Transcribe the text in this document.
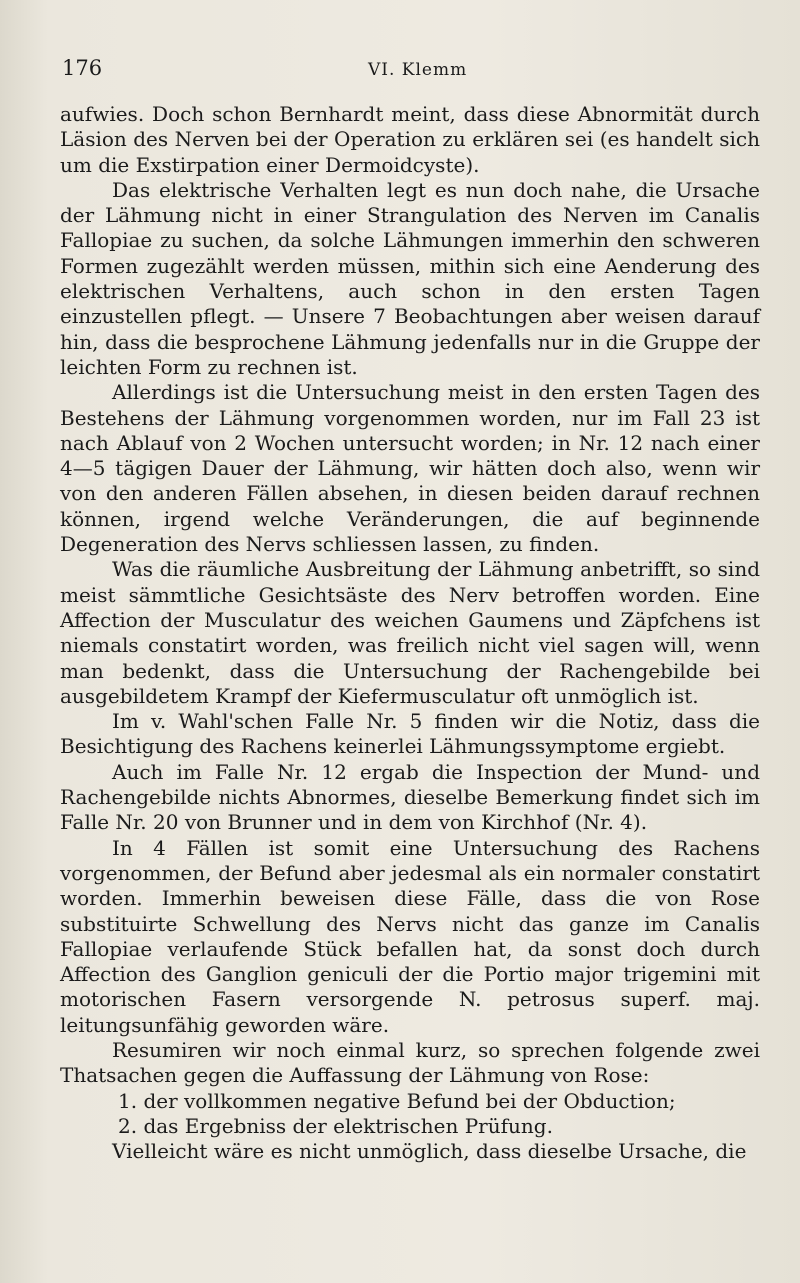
176	VI. Klemm

aufwies. Doch schon Bernhardt meint, dass diese Abnormität durch Läsion des Nerven bei der Operation zu erklären sei (es handelt sich um die Exstirpation einer Dermoidcyste).

Das elektrische Verhalten legt es nun doch nahe, die Ursache der Lähmung nicht in einer Strangulation des Nerven im Canalis Fallopiae zu suchen, da solche Lähmungen immerhin den schweren Formen zugezählt werden müssen, mithin sich eine Aenderung des elektrischen Verhaltens, auch schon in den ersten Tagen einzustellen pflegt. — Unsere 7 Beobachtungen aber weisen darauf hin, dass die besprochene Lähmung jedenfalls nur in die Gruppe der leichten Form zu rechnen ist.

Allerdings ist die Untersuchung meist in den ersten Tagen des Bestehens der Lähmung vorgenommen worden, nur im Fall 23 ist nach Ablauf von 2 Wochen untersucht worden; in Nr. 12 nach einer 4—5 tägigen Dauer der Lähmung, wir hätten doch also, wenn wir von den anderen Fällen absehen, in diesen beiden darauf rechnen können, irgend welche Veränderungen, die auf beginnende Degeneration des Nervs schliessen lassen, zu finden.

Was die räumliche Ausbreitung der Lähmung anbetrifft, so sind meist sämmtliche Gesichtsäste des Nerv betroffen worden. Eine Affection der Musculatur des weichen Gaumens und Zäpfchens ist niemals constatirt worden, was freilich nicht viel sagen will, wenn man bedenkt, dass die Untersuchung der Rachengebilde bei ausgebildetem Krampf der Kiefermusculatur oft unmöglich ist.

Im v. Wahl'schen Falle Nr. 5 finden wir die Notiz, dass die Besichtigung des Rachens keinerlei Lähmungssymptome ergiebt.

Auch im Falle Nr. 12 ergab die Inspection der Mund- und Rachengebilde nichts Abnormes, dieselbe Bemerkung findet sich im Falle Nr. 20 von Brunner und in dem von Kirchhof (Nr. 4).

In 4 Fällen ist somit eine Untersuchung des Rachens vorgenommen, der Befund aber jedesmal als ein normaler constatirt worden. Immerhin beweisen diese Fälle, dass die von Rose substituirte Schwellung des Nervs nicht das ganze im Canalis Fallopiae verlaufende Stück befallen hat, da sonst doch durch Affection des Ganglion geniculi der die Portio major trigemini mit motorischen Fasern versorgende N. petrosus superf. maj. leitungsunfähig geworden wäre.

Resumiren wir noch einmal kurz, so sprechen folgende zwei Thatsachen gegen die Auffassung der Lähmung von Rose:

1. der vollkommen negative Befund bei der Obduction;

2. das Ergebniss der elektrischen Prüfung.

Vielleicht wäre es nicht unmöglich, dass dieselbe Ursache, die
